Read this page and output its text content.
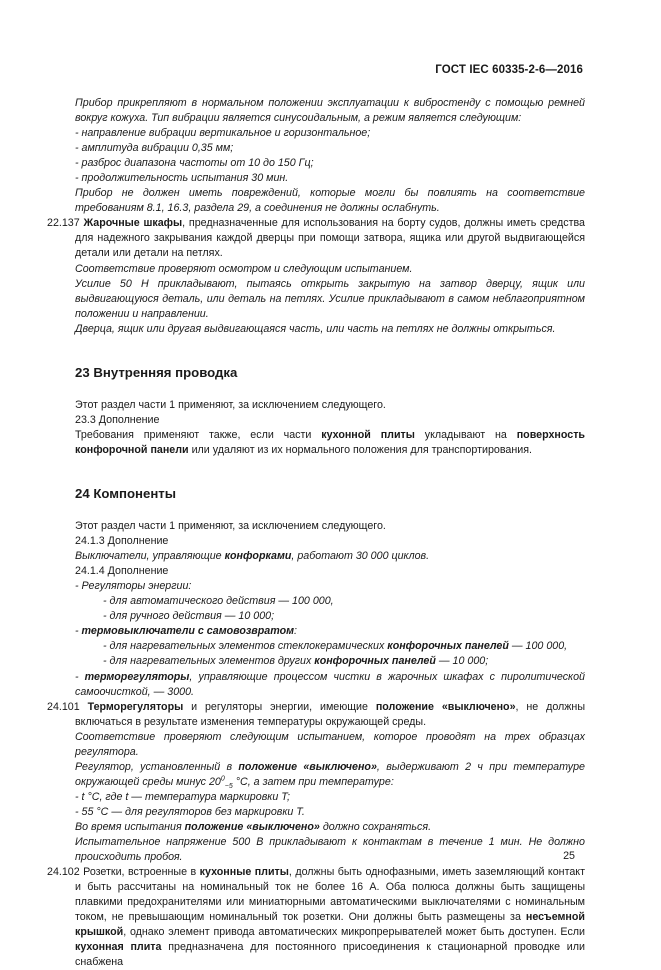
ГОСТ IEC 60335-2-6—2016

Прибор прикрепляют в нормальном положении эксплуатации к вибростенду с помощью ремней вокруг кожуха. Тип вибрации является синусоидальным, а режим является следующим:

- направление вибрации вертикальное и горизонтальное;

- амплитуда вибрации 0,35 мм;

- разброс диапазона частоты от 10 до 150 Гц;

- продолжительность испытания 30 мин.

Прибор не должен иметь повреждений, которые могли бы повлиять на соответствие требованиям 8.1, 16.3, раздела 29, а соединения не должны ослабнуть.

22.137 Жарочные шкафы, предназначенные для использования на борту судов, должны иметь средства для надежного закрывания каждой дверцы при помощи затвора, ящика или другой выдвигающейся детали или детали на петлях.

Соответствие проверяют осмотром и следующим испытанием.

Усилие 50 Н прикладывают, пытаясь открыть закрытую на затвор дверцу, ящик или выдвигающуюся деталь, или деталь на петлях. Усилие прикладывают в самом неблагоприятном положении и направлении.

Дверца, ящик или другая выдвигающаяся часть, или часть на петлях не должны открыться.

23 Внутренняя проводка

Этот раздел части 1 применяют, за исключением следующего.

23.3 Дополнение

Требования применяют также, если части кухонной плиты укладывают на поверхность конфорочной панели или удаляют из их нормального положения для транспортирования.

24 Компоненты

Этот раздел части 1 применяют, за исключением следующего.

24.1.3 Дополнение

Выключатели, управляющие конфорками, работают 30 000 циклов.

24.1.4 Дополнение

- Регуляторы энергии:

- для автоматического действия — 100 000,

- для ручного действия — 10 000;

- термовыключатели с самовозвратом:

- для нагревательных элементов стеклокерамических конфорочных панелей — 100 000,

- для нагревательных элементов других конфорочных панелей — 10 000;

- терморегуляторы, управляющие процессом чистки в жарочных шкафах с пиролитической самоочисткой, — 3000.

24.101 Терморегуляторы и регуляторы энергии, имеющие положение «выключено», не должны включаться в результате изменения температуры окружающей среды.

Соответствие проверяют следующим испытанием, которое проводят на трех образцах регулятора.

Регулятор, установленный в положение «выключено», выдерживают 2 ч при температуре окружающей среды минус $20^0_{-5}$ °С, а затем при температуре:

- t °С, где t — температура маркировки T;

- 55 °С — для регуляторов без маркировки T.

Во время испытания положение «выключено» должно сохраняться.

Испытательное напряжение 500 В прикладывают к контактам в течение 1 мин. Не должно происходить пробоя.

24.102 Розетки, встроенные в кухонные плиты, должны быть однофазными, иметь заземляющий контакт и быть рассчитаны на номинальный ток не более 16 А. Оба полюса должны быть защищены плавкими предохранителями или миниатюрными автоматическими выключателями с номинальным током, не превышающим номинальный ток розетки. Они должны быть размещены за несъемной крышкой, однако элемент привода автоматических микропрерывателей может быть доступен. Если кухонная плита предназначена для постоянного присоединения к стационарной проводке или снабжена

25
